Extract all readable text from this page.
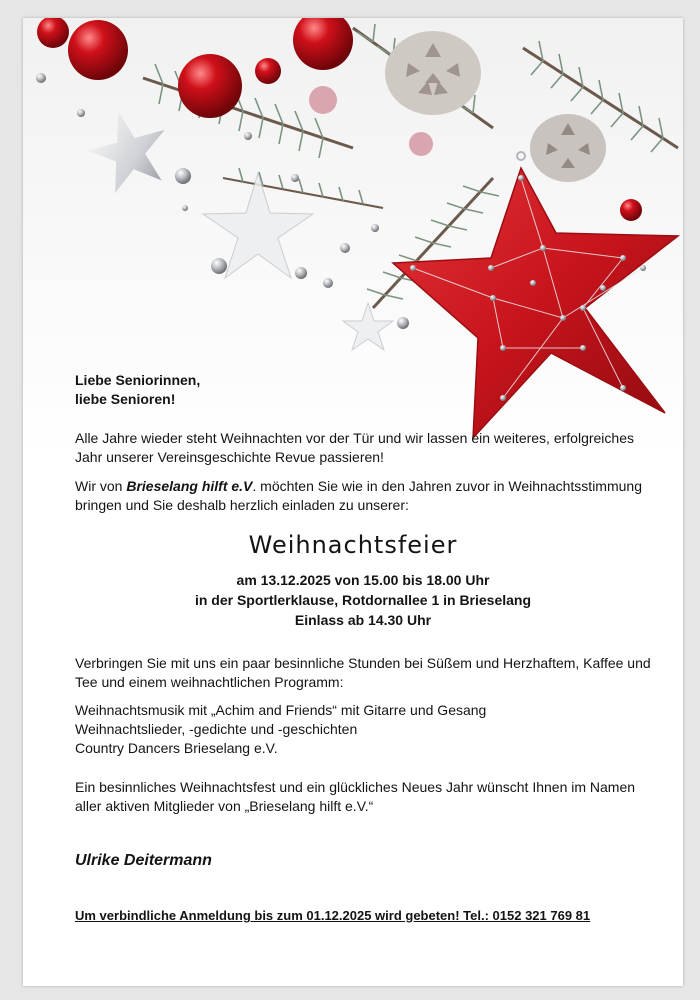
Liebe Seniorinnen,
liebe Senioren!

Alle Jahre wieder steht Weihnachten vor der Tür und wir lassen ein weiteres, erfolgreiches Jahr unserer Vereinsgeschichte Revue passieren!

Wir von Brieselang hilft e.V. möchten Sie wie in den Jahren zuvor in Weihnachtsstimmung bringen und Sie deshalb herzlich einladen zu unserer:

Weihnachtsfeier
am 13.12.2025 von 15.00 bis 18.00 Uhr
in der Sportlerklause, Rotdornallee 1 in Brieselang
Einlass ab 14.30 Uhr

Verbringen Sie mit uns ein paar besinnliche Stunden bei Süßem und Herzhaftem, Kaffee und Tee und einem weihnachtlichen Programm:

Weihnachtsmusik mit „Achim and Friends“ mit Gitarre und Gesang
Weihnachtslieder, -gedichte und -geschichten
Country Dancers Brieselang e.V.

Ein besinnliches Weihnachtsfest und ein glückliches Neues Jahr wünscht Ihnen im Namen aller aktiven Mitglieder von „Brieselang hilft e.V.“

Ulrike Deitermann

Um verbindliche Anmeldung bis zum 01.12.2025 wird gebeten! Tel.: 0152 321 769 81
